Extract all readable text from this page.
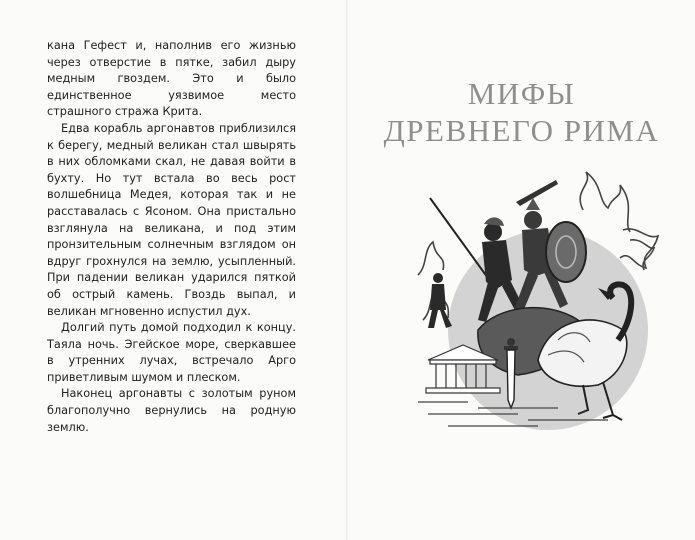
кана Гефест и, наполнив его жизнью через отверстие в пятке, забил дыру медным гвоздем. Это и было единственное уязвимое место страшного стража Крита.

Едва корабль аргонавтов приблизился к берегу, медный великан стал швырять в них обломками скал, не давая войти в бухту. Но тут встала во весь рост волшебница Медея, которая так и не расставалась с Ясоном. Она пристально взглянула на великана, и под этим пронзительным солнечным взглядом он вдруг грохнулся на землю, усыпленный. При падении великан ударился пяткой об острый камень. Гвоздь выпал, и великан мгновенно испустил дух.

Долгий путь домой подходил к концу. Таяла ночь. Эгейское море, сверкавшее в утренних лучах, встречало Арго приветливым шумом и плеском.

Наконец аргонавты с золотым руном благополучно вернулись на родную землю.

МИФЫ
ДРЕВНЕГО РИМА
